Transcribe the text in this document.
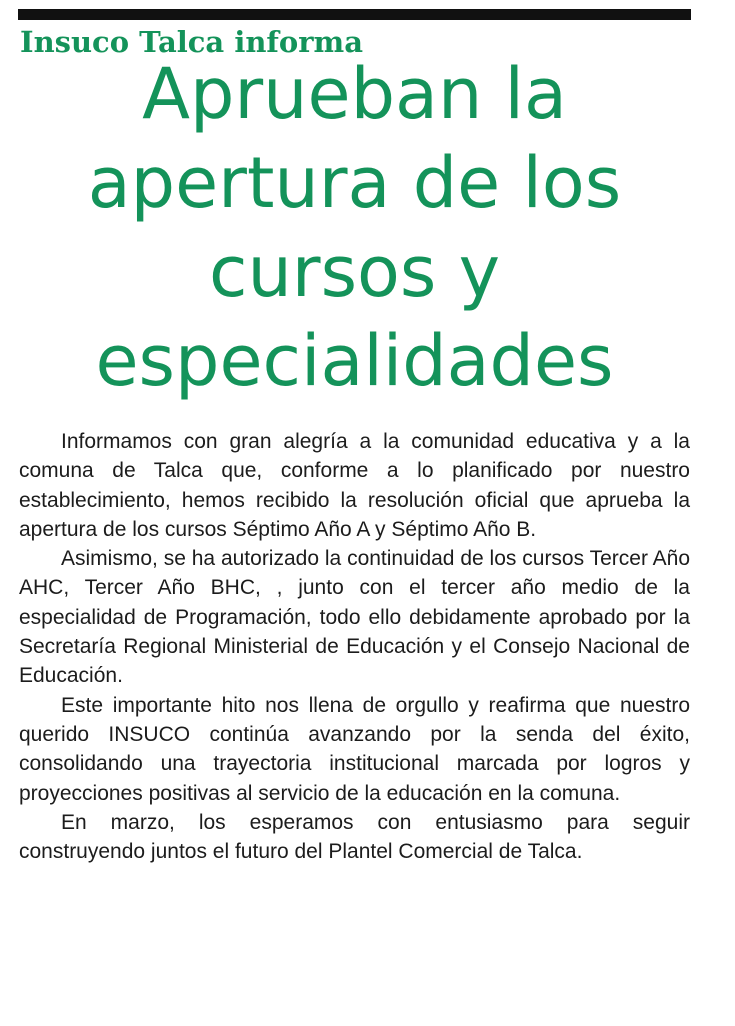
Insuco Talca informa
Aprueban la
apertura de los
cursos y
especialidades

Informamos con gran alegría a la comunidad educativa y a la comuna de Talca que, conforme a lo planificado por nuestro establecimiento, hemos recibido la resolución oficial que aprueba la apertura de los cursos Séptimo Año A y Séptimo Año B.

Asimismo, se ha autorizado la continuidad de los cursos Tercer Año AHC, Tercer Año BHC, , junto con el tercer año medio de la especialidad de Programación, todo ello debidamente aprobado por la Secretaría Regional Ministerial de Educación y el Consejo Nacional de Educación.

Este importante hito nos llena de orgullo y reafirma que nuestro querido INSUCO continúa avanzando por la senda del éxito, consolidando una trayectoria institucional marcada por logros y proyecciones positivas al servicio de la educación en la comuna.

En marzo, los esperamos con entusiasmo para seguir construyendo juntos el futuro del Plantel Comercial de Talca.
